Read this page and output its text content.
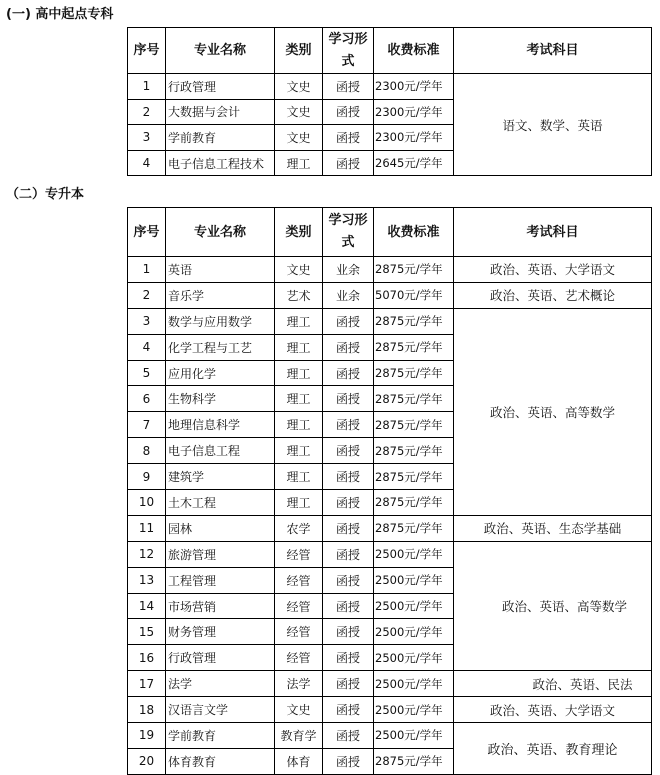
(一) 高中起点专科
序号	专业名称	类别	学习形式	收费标准	考试科目
1	行政管理	文史	函授	2300元/学年	语文、数学、英语
2	大数据与会计	文史	函授	2300元/学年	
3	学前教育	文史	函授	2300元/学年	
4	电子信息工程技术	理工	函授	2645元/学年	
（二）专升本
序号	专业名称	类别	学习形式	收费标准	考试科目
1	英语	文史	业余	2875元/学年	政治、英语、大学语文
2	音乐学	艺术	业余	5070元/学年	政治、英语、艺术概论
3	数学与应用数学	理工	函授	2875元/学年	政治、英语、高等数学
4	化学工程与工艺	理工	函授	2875元/学年	
5	应用化学	理工	函授	2875元/学年	
6	生物科学	理工	函授	2875元/学年	
7	地理信息科学	理工	函授	2875元/学年	
8	电子信息工程	理工	函授	2875元/学年	
9	建筑学	理工	函授	2875元/学年	
10	土木工程	理工	函授	2875元/学年	
11	园林	农学	函授	2875元/学年	政治、英语、生态学基础
12	旅游管理	经管	函授	2500元/学年	政治、英语、高等数学
13	工程管理	经管	函授	2500元/学年	
14	市场营销	经管	函授	2500元/学年	
15	财务管理	经管	函授	2500元/学年	
16	行政管理	经管	函授	2500元/学年	
17	法学	法学	函授	2500元/学年	政治、英语、民法
18	汉语言文学	文史	函授	2500元/学年	政治、英语、大学语文
19	学前教育	教育学	函授	2500元/学年	政治、英语、教育理论
20	体育教育	体育	函授	2875元/学年	
